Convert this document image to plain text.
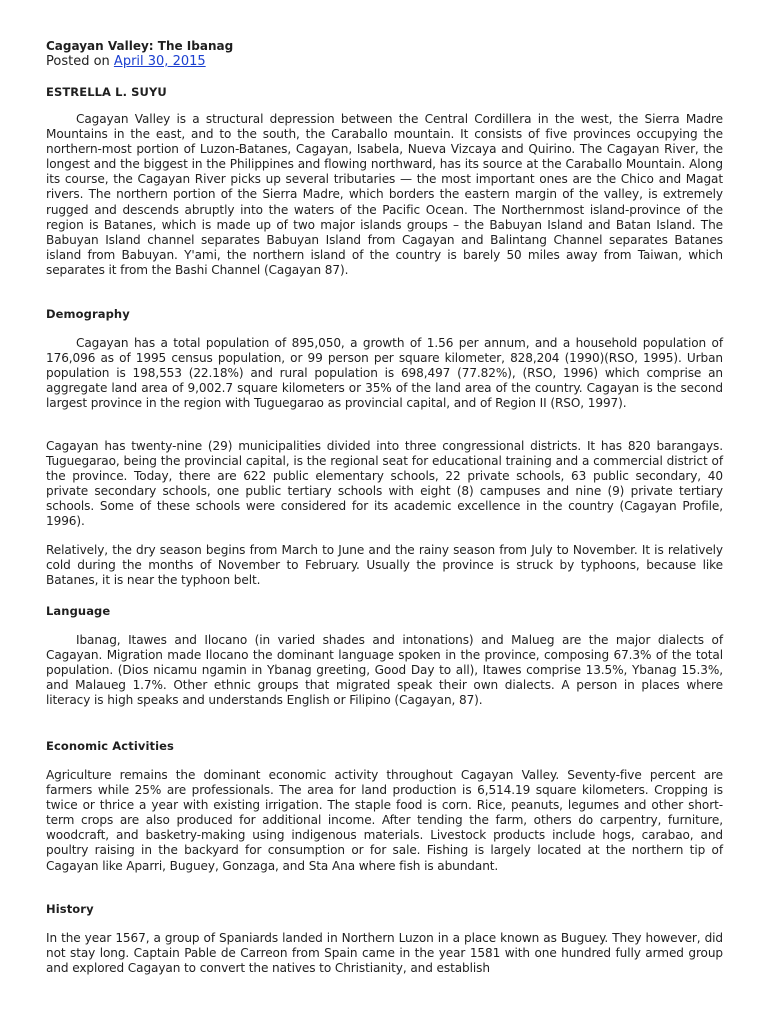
Cagayan Valley: The Ibanag
Posted on April 30, 2015
ESTRELLA L. SUYU

Cagayan Valley is a structural depression between the Central Cordillera in the west, the Sierra Madre Mountains in the east, and to the south, the Caraballo mountain. It consists of five provinces occupying the northern-most portion of Luzon-Batanes, Cagayan, Isabela, Nueva Vizcaya and Quirino. The Cagayan River, the longest and the biggest in the Philippines and flowing northward, has its source at the Caraballo Mountain. Along its course, the Cagayan River picks up several tributaries — the most important ones are the Chico and Magat rivers. The northern portion of the Sierra Madre, which borders the eastern margin of the valley, is extremely rugged and descends abruptly into the waters of the Pacific Ocean. The Northernmost island-province of the region is Batanes, which is made up of two major islands groups – the Babuyan Island and Batan Island. The Babuyan Island channel separates Babuyan Island from Cagayan and Balintang Channel separates Batanes island from Babuyan. Y'ami, the northern island of the country is barely 50 miles away from Taiwan, which separates it from the Bashi Channel (Cagayan 87).

Demography

Cagayan has a total population of 895,050, a growth of 1.56 per annum, and a household population of 176,096 as of 1995 census population, or 99 person per square kilometer, 828,204 (1990)(RSO, 1995). Urban population is 198,553 (22.18%) and rural population is 698,497 (77.82%), (RSO, 1996) which comprise an aggregate land area of 9,002.7 square kilometers or 35% of the land area of the country. Cagayan is the second largest province in the region with Tuguegarao as provincial capital, and of Region II (RSO, 1997).

Cagayan has twenty-nine (29) municipalities divided into three congressional districts. It has 820 barangays. Tuguegarao, being the provincial capital, is the regional seat for educational training and a commercial district of the province. Today, there are 622 public elementary schools, 22 private schools, 63 public secondary, 40 private secondary schools, one public tertiary schools with eight (8) campuses and nine (9) private tertiary schools. Some of these schools were considered for its academic excellence in the country (Cagayan Profile, 1996).

Relatively, the dry season begins from March to June and the rainy season from July to November. It is relatively cold during the months of November to February. Usually the province is struck by typhoons, because like Batanes, it is near the typhoon belt.

Language

Ibanag, Itawes and Ilocano (in varied shades and intonations) and Malueg are the major dialects of Cagayan. Migration made Ilocano the dominant language spoken in the province, composing 67.3% of the total population. (Dios nicamu ngamin in Ybanag greeting, Good Day to all), Itawes comprise 13.5%, Ybanag 15.3%, and Malaueg 1.7%. Other ethnic groups that migrated speak their own dialects. A person in places where literacy is high speaks and understands English or Filipino (Cagayan, 87).

Economic Activities

Agriculture remains the dominant economic activity throughout Cagayan Valley. Seventy-five percent are farmers while 25% are professionals. The area for land production is 6,514.19 square kilometers. Cropping is twice or thrice a year with existing irrigation. The staple food is corn. Rice, peanuts, legumes and other short-term crops are also produced for additional income. After tending the farm, others do carpentry, furniture, woodcraft, and basketry-making using indigenous materials. Livestock products include hogs, carabao, and poultry raising in the backyard for consumption or for sale. Fishing is largely located at the northern tip of Cagayan like Aparri, Buguey, Gonzaga, and Sta Ana where fish is abundant.

History

In the year 1567, a group of Spaniards landed in Northern Luzon in a place known as Buguey. They however, did not stay long. Captain Pable de Carreon from Spain came in the year 1581 with one hundred fully armed group and explored Cagayan to convert the natives to Christianity, and establish
